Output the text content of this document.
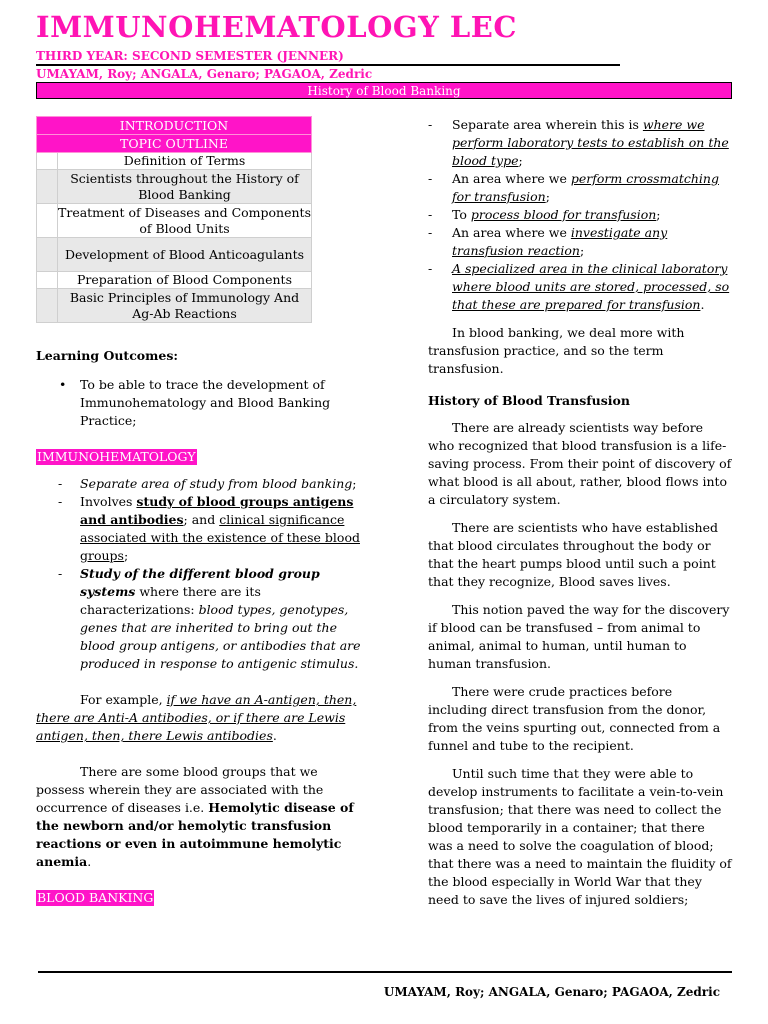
IMMUNOHEMATOLOGY LEC
THIRD YEAR: SECOND SEMESTER (JENNER)
UMAYAM, Roy; ANGALA, Genaro; PAGAOA, Zedric
History of Blood Banking
INTRODUCTION	
TOPIC OUTLINE	
	Definition of Terms
	Scientists throughout the History of Blood Banking
	Treatment of Diseases and Components of Blood Units
	Development of Blood Anticoagulants
	Preparation of Blood Components
	Basic Principles of Immunology And Ag-Ab Reactions

Learning Outcomes:

• To be able to trace the development of Immunohematology and Blood Banking Practice;
IMMUNOHEMATOLOGY
- Separate area of study from blood banking;
- Involves study of blood groups antigens and antibodies; and clinical significance associated with the existence of these blood groups;
- Study of the different blood group systems where there are its characterizations: blood types, genotypes, genes that are inherited to bring out the blood group antigens, or antibodies that are produced in response to antigenic stimulus.

For example, if we have an A-antigen, then, there are Anti-A antibodies, or if there are Lewis antigen, then, there Lewis antibodies.

There are some blood groups that we possess wherein they are associated with the occurrence of diseases i.e. Hemolytic disease of the newborn and/or hemolytic transfusion reactions or even in autoimmune hemolytic anemia.

BLOOD BANKING
- Separate area wherein this is where we perform laboratory tests to establish on the blood type;
- An area where we perform crossmatching for transfusion;
- To process blood for transfusion;
- An area where we investigate any transfusion reaction;
- A specialized area in the clinical laboratory where blood units are stored, processed, so that these are prepared for transfusion.

In blood banking, we deal more with transfusion practice, and so the term transfusion.

History of Blood Transfusion

There are already scientists way before who recognized that blood transfusion is a life-saving process. From their point of discovery of what blood is all about, rather, blood flows into a circulatory system.

There are scientists who have established that blood circulates throughout the body or that the heart pumps blood until such a point that they recognize, Blood saves lives.

This notion paved the way for the discovery if blood can be transfused – from animal to animal, animal to human, until human to human transfusion.

There were crude practices before including direct transfusion from the donor, from the veins spurting out, connected from a funnel and tube to the recipient.

Until such time that they were able to develop instruments to facilitate a vein-to-vein transfusion; that there was need to collect the blood temporarily in a container; that there was a need to solve the coagulation of blood; that there was a need to maintain the fluidity of the blood especially in World War that they need to save the lives of injured soldiers;

UMAYAM, Roy; ANGALA, Genaro; PAGAOA, Zedric
